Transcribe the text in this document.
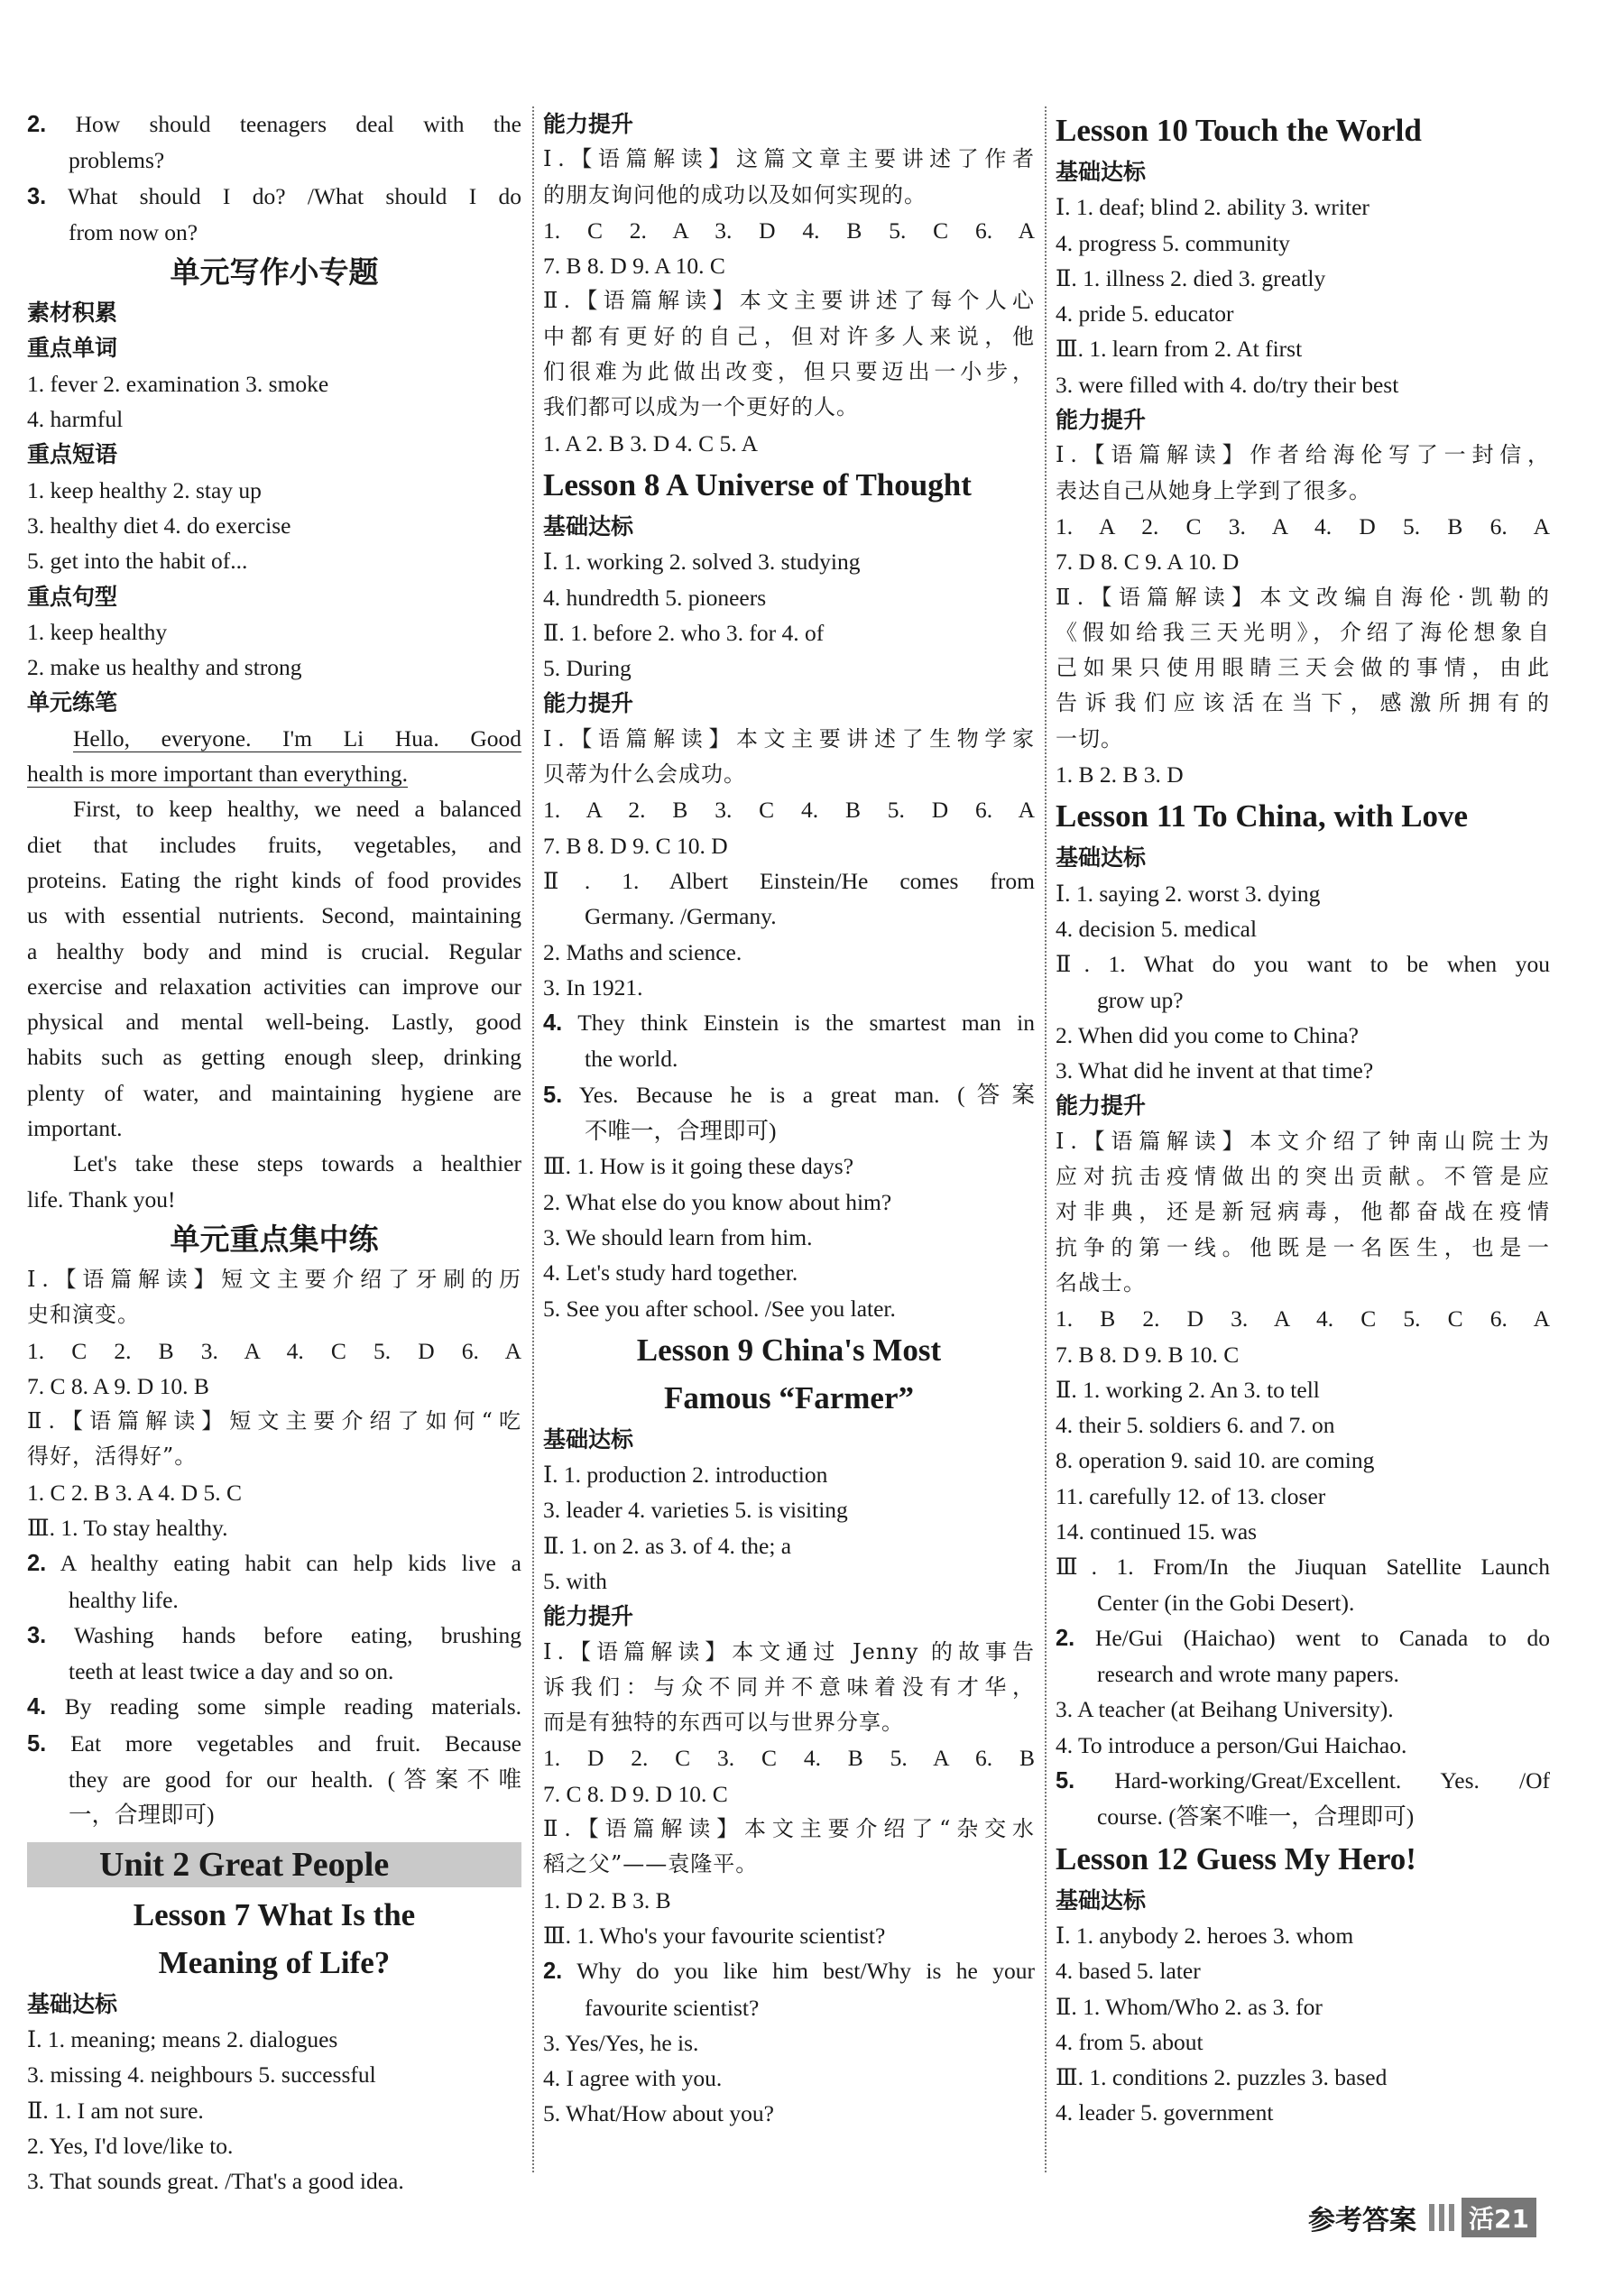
2. How should teenagers deal with the
problems?
3. What should I do? /What should I do
from now on?
单元写作小专题
素材积累
重点单词
1. fever 2. examination 3. smoke
4. harmful
重点短语
1. keep healthy 2. stay up
3. healthy diet 4. do exercise
5. get into the habit of...
重点句型
1. keep healthy
2. make us healthy and strong
单元练笔
Hello, everyone. I'm Li Hua. Good
health is more important than everything.
First, to keep healthy, we need a balanced
diet that includes fruits, vegetables, and
proteins. Eating the right kinds of food provides
us with essential nutrients. Second, maintaining
a healthy body and mind is crucial. Regular
exercise and relaxation activities can improve our
physical and mental well-being. Lastly, good
habits such as getting enough sleep, drinking
plenty of water, and maintaining hygiene are
important.
Let's take these steps towards a healthier
life. Thank you!
单元重点集中练
Ⅰ.【语篇解读】短文主要介绍了牙刷的历
史和演变。
1. C 2. B 3. A 4. C 5. D 6. A
7. C 8. A 9. D 10. B
Ⅱ.【语篇解读】短文主要介绍了如何“吃
得好，活得好”。
1. C 2. B 3. A 4. D 5. C
Ⅲ. 1. To stay healthy.
2. A healthy eating habit can help kids live a
healthy life.
3. Washing hands before eating, brushing
teeth at least twice a day and so on.
4. By reading some simple reading materials.
5. Eat more vegetables and fruit. Because
they are good for our health. (答案不唯
一，合理即可)
Unit 2 Great People
Lesson 7 What Is the
Meaning of Life?
基础达标
Ⅰ. 1. meaning; means 2. dialogues
3. missing 4. neighbours 5. successful
Ⅱ. 1. I am not sure.
2. Yes, I'd love/like to.
3. That sounds great. /That's a good idea.
能力提升
Ⅰ.【语篇解读】这篇文章主要讲述了作者
的朋友询问他的成功以及如何实现的。
1. C 2. A 3. D 4. B 5. C 6. A
7. B 8. D 9. A 10. C
Ⅱ.【语篇解读】本文主要讲述了每个人心
中都有更好的自己，但对许多人来说，他
们很难为此做出改变，但只要迈出一小步，
我们都可以成为一个更好的人。
1. A 2. B 3. D 4. C 5. A
Lesson 8 A Universe of Thought
基础达标
Ⅰ. 1. working 2. solved 3. studying
4. hundredth 5. pioneers
Ⅱ. 1. before 2. who 3. for 4. of
5. During
能力提升
Ⅰ.【语篇解读】本文主要讲述了生物学家
贝蒂为什么会成功。
1. A 2. B 3. C 4. B 5. D 6. A
7. B 8. D 9. C 10. D
Ⅱ. 1. Albert Einstein/He comes from
Germany. /Germany.
2. Maths and science.
3. In 1921.
4. They think Einstein is the smartest man in
the world.
5. Yes. Because he is a great man. (答案
不唯一，合理即可)
Ⅲ. 1. How is it going these days?
2. What else do you know about him?
3. We should learn from him.
4. Let's study hard together.
5. See you after school. /See you later.
Lesson 9 China's Most
Famous “Farmer”
基础达标
Ⅰ. 1. production 2. introduction
3. leader 4. varieties 5. is visiting
Ⅱ. 1. on 2. as 3. of 4. the; a
5. with
能力提升
Ⅰ.【语篇解读】本文通过 Jenny 的故事告
诉我们：与众不同并不意味着没有才华，
而是有独特的东西可以与世界分享。
1. D 2. C 3. C 4. B 5. A 6. B
7. C 8. D 9. D 10. C
Ⅱ.【语篇解读】本文主要介绍了“杂交水
稻之父”——袁隆平。
1. D 2. B 3. B
Ⅲ. 1. Who's your favourite scientist?
2. Why do you like him best/Why is he your
favourite scientist?
3. Yes/Yes, he is.
4. I agree with you.
5. What/How about you?
Lesson 10 Touch the World
基础达标
Ⅰ. 1. deaf; blind 2. ability 3. writer
4. progress 5. community
Ⅱ. 1. illness 2. died 3. greatly
4. pride 5. educator
Ⅲ. 1. learn from 2. At first
3. were filled with 4. do/try their best
能力提升
Ⅰ.【语篇解读】作者给海伦写了一封信，
表达自己从她身上学到了很多。
1. A 2. C 3. A 4. D 5. B 6. A
7. D 8. C 9. A 10. D
Ⅱ.【语篇解读】本文改编自海伦·凯勒的
《假如给我三天光明》，介绍了海伦想象自
己如果只使用眼睛三天会做的事情，由此
告诉我们应该活在当下，感激所拥有的
一切。
1. B 2. B 3. D
Lesson 11 To China, with Love
基础达标
Ⅰ. 1. saying 2. worst 3. dying
4. decision 5. medical
Ⅱ. 1. What do you want to be when you
grow up?
2. When did you come to China?
3. What did he invent at that time?
能力提升
Ⅰ.【语篇解读】本文介绍了钟南山院士为
应对抗击疫情做出的突出贡献。不管是应
对非典，还是新冠病毒，他都奋战在疫情
抗争的第一线。他既是一名医生，也是一
名战士。
1. B 2. D 3. A 4. C 5. C 6. A
7. B 8. D 9. B 10. C
Ⅱ. 1. working 2. An 3. to tell
4. their 5. soldiers 6. and 7. on
8. operation 9. said 10. are coming
11. carefully 12. of 13. closer
14. continued 15. was
Ⅲ. 1. From/In the Jiuquan Satellite Launch
Center (in the Gobi Desert).
2. He/Gui (Haichao) went to Canada to do
research and wrote many papers.
3. A teacher (at Beihang University).
4. To introduce a person/Gui Haichao.
5. Hard-working/Great/Excellent. Yes. /Of
course. (答案不唯一，合理即可)
Lesson 12 Guess My Hero!
基础达标
Ⅰ. 1. anybody 2. heroes 3. whom
4. based 5. later
Ⅱ. 1. Whom/Who 2. as 3. for
4. from 5. about
Ⅲ. 1. conditions 2. puzzles 3. based
4. leader 5. government
参考答案 活21
